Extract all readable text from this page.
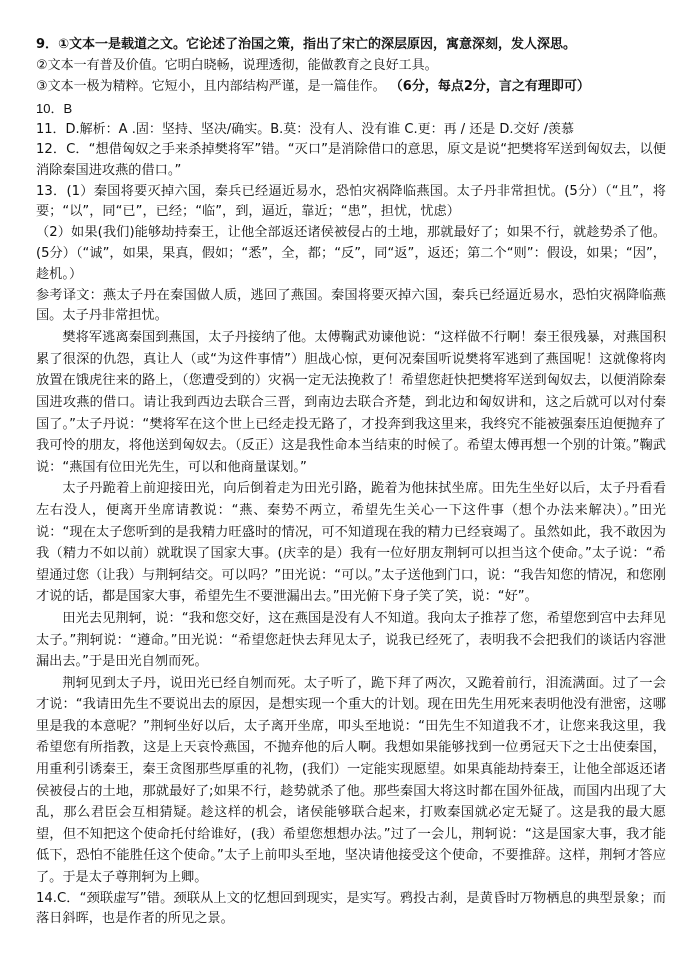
9．①文本一是载道之文。它论述了治国之策，指出了宋亡的深层原因，寓意深刻，发人深思。
②文本一有普及价值。它明白晓畅，说理透彻，能做教育之良好工具。
③文本一极为精粹。它短小，且内部结构严谨，是一篇佳作。 （6分，每点2分，言之有理即可）
10．B
11．D.解析：A .固：坚持、坚决/确实。B.莫：没有人、没有谁 C.更：再 / 还是 D.交好 /羡慕

12．C．“想借匈奴之手来杀掉樊将军”错。“灭口”是消除借口的意思，原文是说“把樊将军送到匈奴去，以便消除秦国进攻燕的借口。”

13．(1）秦国将要灭掉六国，秦兵已经逼近易水，恐怕灾祸降临燕国。太子丹非常担忧。(5分）（“且”，将要；“以”，同“已”，已经；“临”，到，逼近，靠近；“患”，担忧，忧虑）

（2）如果(我们)能够劫持秦王，让他全部返还诸侯被侵占的土地，那就最好了；如果不行，就趁势杀了他。(5分）（“诚”，如果，果真，假如；“悉”，全，都；“反”，同“返”，返还；第二个“则”：假设，如果；“因”，趁机。）

参考译文：燕太子丹在秦国做人质，逃回了燕国。秦国将要灭掉六国，秦兵已经逼近易水，恐怕灾祸降临燕国。太子丹非常担忧。

樊将军逃离秦国到燕国，太子丹接纳了他。太傅鞠武劝谏他说：“这样做不行啊！秦王很残暴，对燕国积累了很深的仇怨，真让人（或“为这件事情”）胆战心惊，更何况秦国听说樊将军逃到了燕国呢！这就像将肉放置在饿虎往来的路上，（您遭受到的）灾祸一定无法挽救了！希望您赶快把樊将军送到匈奴去，以便消除秦国进攻燕的借口。请让我到西边去联合三晋，到南边去联合齐楚，到北边和匈奴讲和，这之后就可以对付秦国了。”太子丹说：“樊将军在这个世上已经走投无路了，才投奔到我这里来，我终究不能被强秦压迫便抛弃了我可怜的朋友，将他送到匈奴去。（反正）这是我性命本当结束的时候了。希望太傅再想一个别的计策。”鞠武说：“燕国有位田光先生，可以和他商量谋划。”

太子丹跪着上前迎接田光，向后倒着走为田光引路，跪着为他抹拭坐席。田先生坐好以后，太子丹看看左右没人，便离开坐席请教说：“燕、秦势不两立，希望先生关心一下这件事（想个办法来解决）。”田光说：“现在太子您听到的是我精力旺盛时的情况，可不知道现在我的精力已经衰竭了。虽然如此，我不敢因为我（精力不如以前）就耽误了国家大事。(庆幸的是）我有一位好朋友荆轲可以担当这个使命。”太子说：“希望通过您（让我）与荆轲结交。可以吗？”田光说：“可以。”太子送他到门口，说：“我告知您的情况，和您刚才说的话，都是国家大事，希望先生不要泄漏出去。”田光俯下身子笑了笑，说：“好”。

田光去见荆轲，说：“我和您交好，这在燕国是没有人不知道。我向太子推荐了您，希望您到宫中去拜见太子。”荆轲说：“遵命。”田光说：“希望您赶快去拜见太子，说我已经死了，表明我不会把我们的谈话内容泄漏出去。”于是田光自刎而死。

荆轲见到太子丹，说田光已经自刎而死。太子听了，跪下拜了两次，又跪着前行，泪流满面。过了一会才说：“我请田先生不要说出去的原因，是想实现一个重大的计划。现在田先生用死来表明他没有泄密，这哪里是我的本意呢？”荆轲坐好以后，太子离开坐席，叩头至地说：“田先生不知道我不才，让您来我这里，我希望您有所指教，这是上天哀怜燕国，不抛弃他的后人啊。我想如果能够找到一位勇冠天下之士出使秦国，用重利引诱秦王，秦王贪图那些厚重的礼物，(我们）一定能实现愿望。如果真能劫持秦王，让他全部返还诸侯被侵占的土地，那就最好了;如果不行，趁势就杀了他。那些秦国大将这时都在国外征战，而国内出现了大乱，那么君臣会互相猜疑。趁这样的机会，诸侯能够联合起来，打败秦国就必定无疑了。这是我的最大愿望，但不知把这个使命托付给谁好，(我）希望您想想办法。”过了一会儿，荆轲说：“这是国家大事，我才能低下，恐怕不能胜任这个使命。”太子上前叩头至地，坚决请他接受这个使命，不要推辞。这样，荆轲才答应了。于是太子尊荆轲为上卿。

14.C．“颈联虚写”错。颈联从上文的忆想回到现实，是实写。鸦投古刹，是黄昏时万物栖息的典型景象；而落日斜晖，也是作者的所见之景。
